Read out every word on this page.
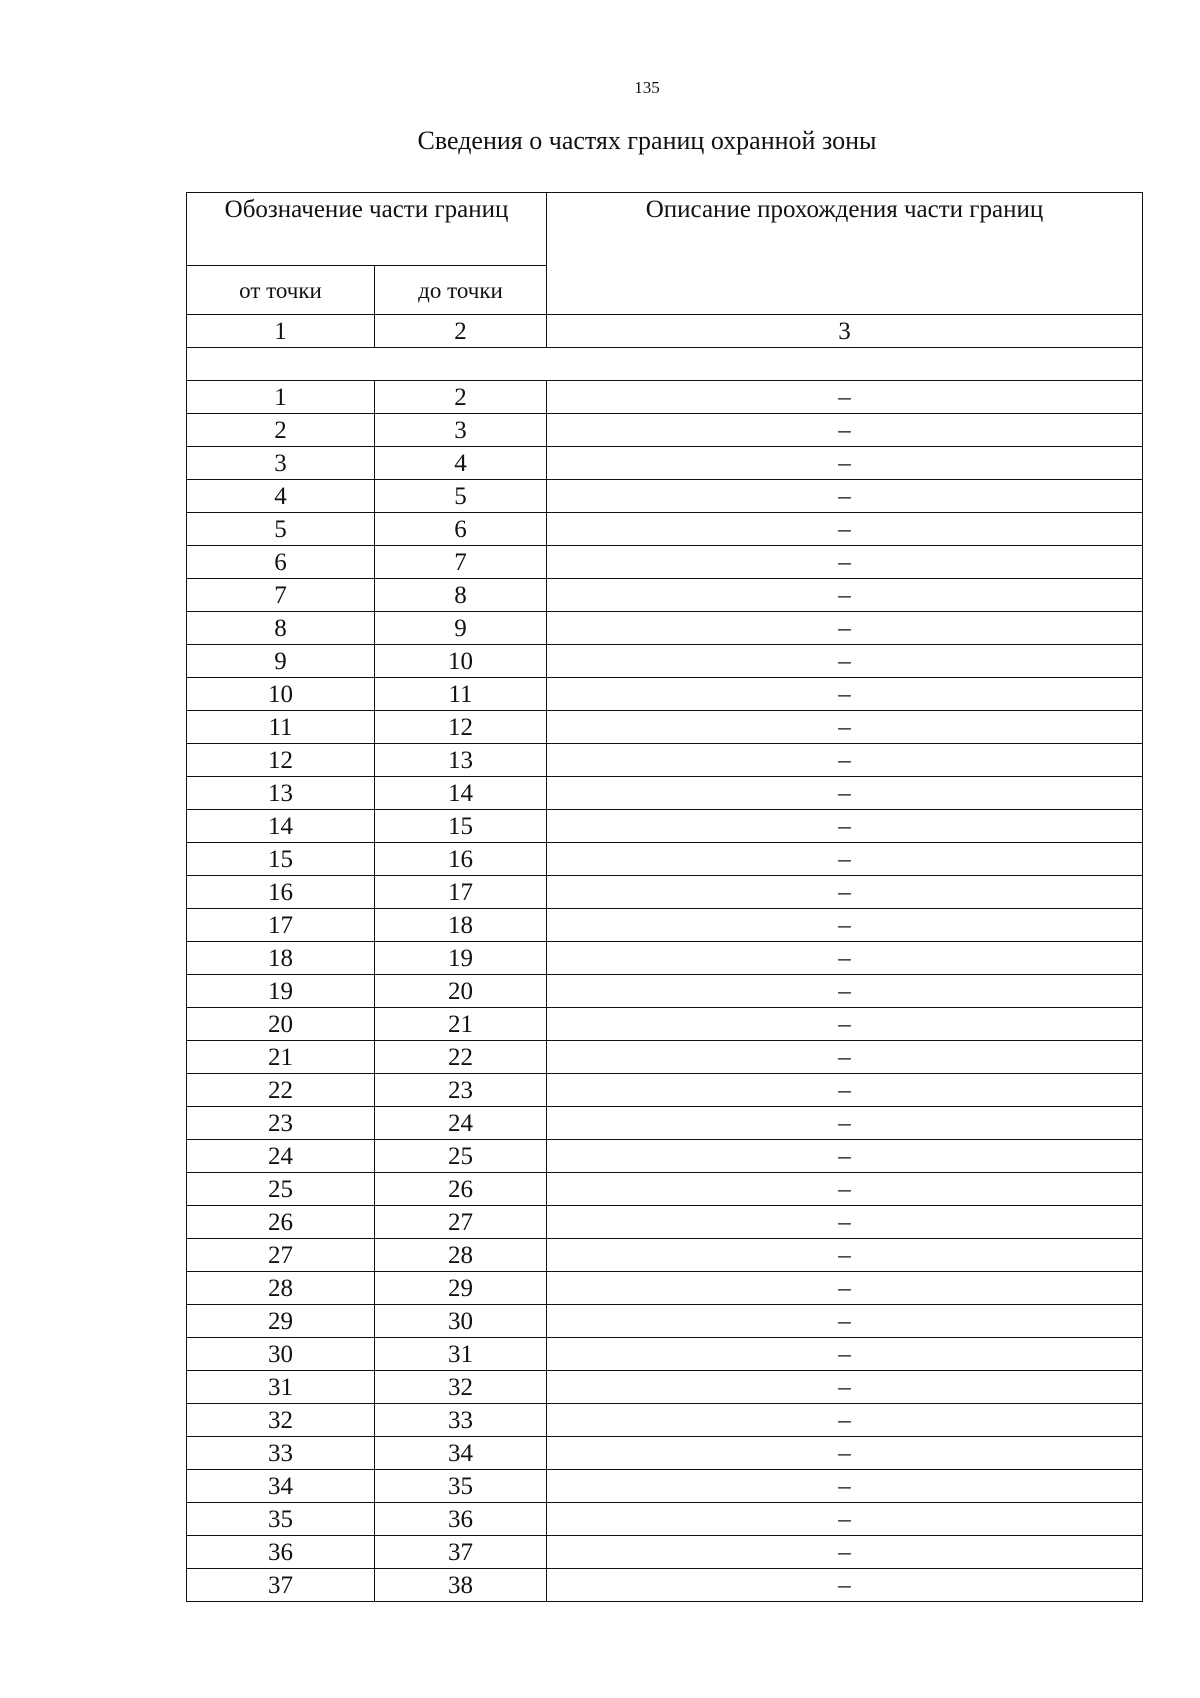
135
Сведения о частях границ охранной зоны
Обозначение части границ		Описание прохождения части границ
от точки	до точки	
1	2	3

1	2	–
2	3	–
3	4	–
4	5	–
5	6	–
6	7	–
7	8	–
8	9	–
9	10	–
10	11	–
11	12	–
12	13	–
13	14	–
14	15	–
15	16	–
16	17	–
17	18	–
18	19	–
19	20	–
20	21	–
21	22	–
22	23	–
23	24	–
24	25	–
25	26	–
26	27	–
27	28	–
28	29	–
29	30	–
30	31	–
31	32	–
32	33	–
33	34	–
34	35	–
35	36	–
36	37	–
37	38	–
